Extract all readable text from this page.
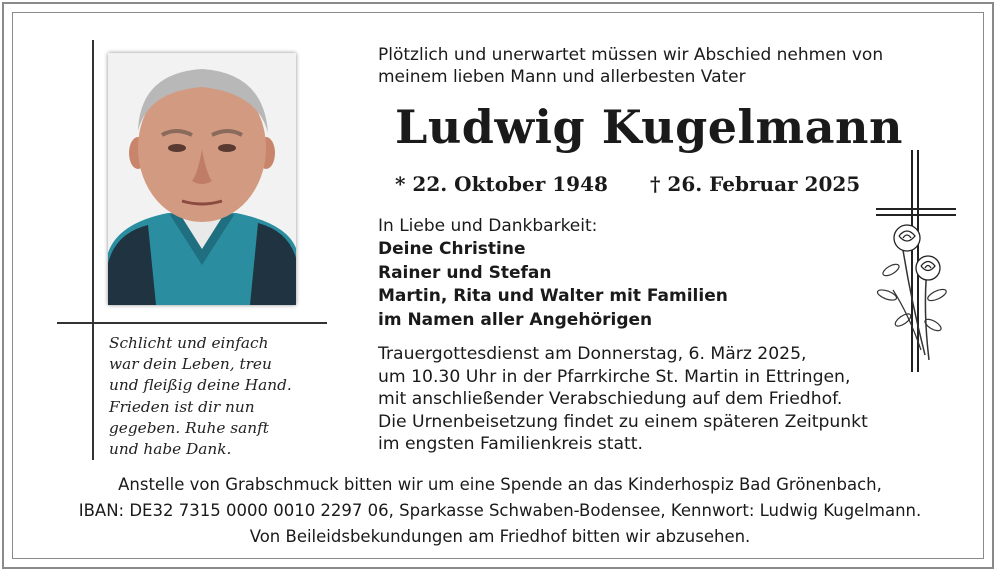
Schlicht und einfach
war dein Leben, treu
und fleißig deine Hand.
Frieden ist dir nun
gegeben. Ruhe sanft
und habe Dank.
Plötzlich und unerwartet müssen wir Abschied nehmen von
meinem lieben Mann und allerbesten Vater
Ludwig Kugelmann
* 22. Oktober 1948 † 26. Februar 2025
In Liebe und Dankbarkeit:
Deine Christine
Rainer und Stefan
Martin, Rita und Walter mit Familien
im Namen aller Angehörigen
Trauergottesdienst am Donnerstag, 6. März 2025,
um 10.30 Uhr in der Pfarrkirche St. Martin in Ettringen,
mit anschließender Verabschiedung auf dem Friedhof.
Die Urnenbeisetzung findet zu einem späteren Zeitpunkt
im engsten Familienkreis statt.
Anstelle von Grabschmuck bitten wir um eine Spende an das Kinderhospiz Bad Grönenbach,
IBAN: DE32 7315 0000 0010 2297 06, Sparkasse Schwaben-Bodensee, Kennwort: Ludwig Kugelmann.
Von Beileidsbekundungen am Friedhof bitten wir abzusehen.
